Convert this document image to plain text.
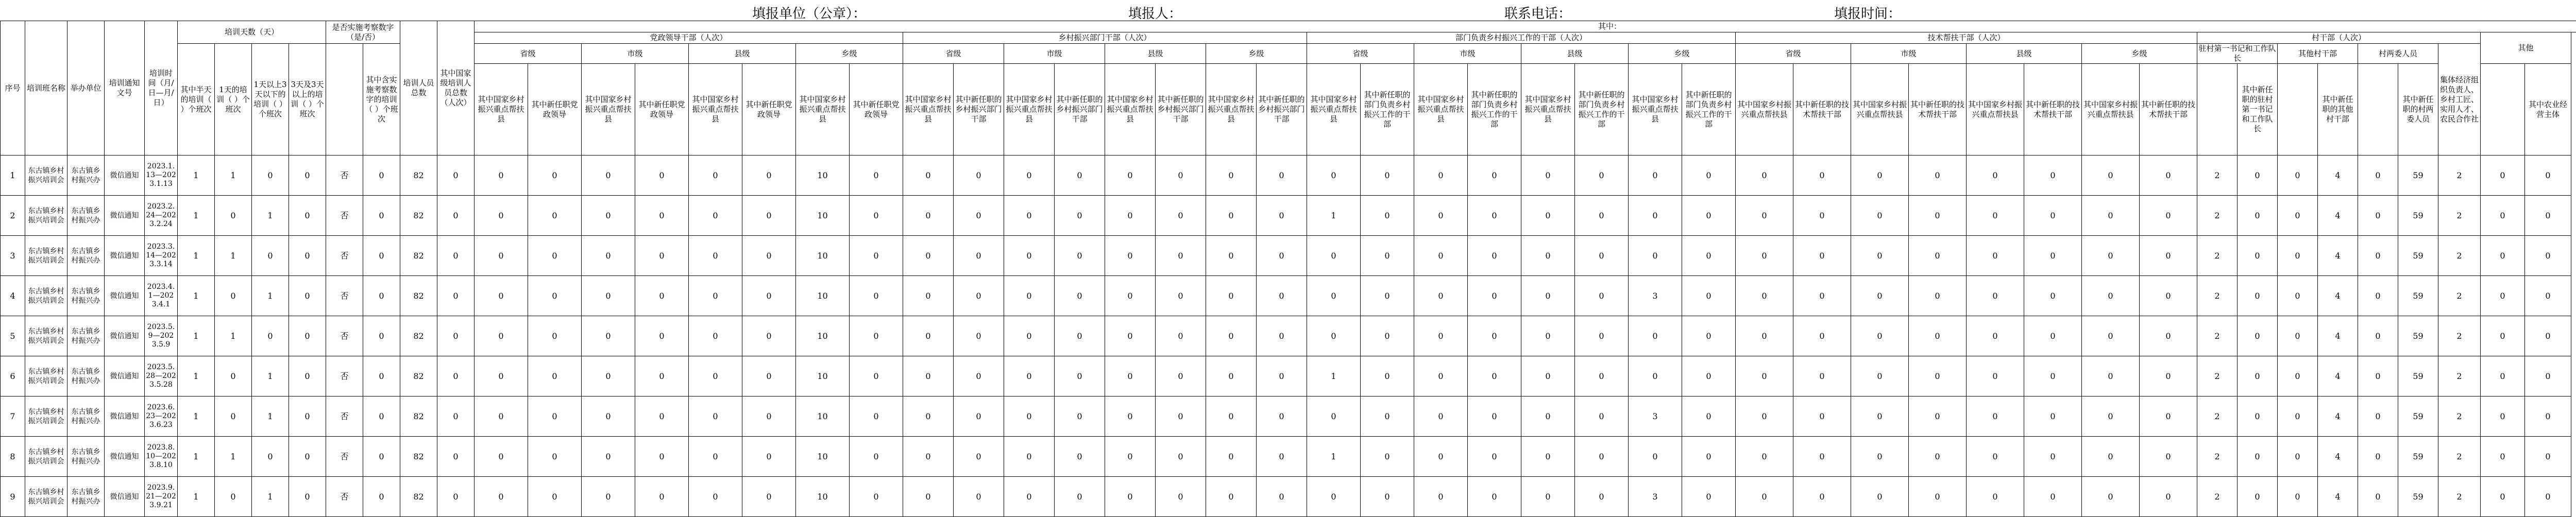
填报单位（公章）：	填报人：	联系电话：	填报时间：
序号	培训班名称	举办单位	培训通知文号	培训时间（月/日—月/日）	培训天数（天）				是否实施考察数字（是/否）		培训人员总数	其中国家级培训人员总数（人次）	其中：																																								
													党政领导干部（人次）								乡村振兴部门干部（人次）								部门负责乡村振兴工作的干部（人次）								技术帮扶干部（人次）								村干部（人次）							其他	
					其中半天的培训（ ）个班次	1天的培训（ ）个班次	1天以上3天以下的培训（ ）个班次	3天及3天以上的培训（ ）个班次		其中含实施考察数字的培训（ ）个班次			省级		市级		县级		乡级		省级		市级		县级		乡级		省级		市级		县级		乡级		省级		市级		县级		乡级		驻村第一书记和工作队长		其他村干部		村两委人员		集体经济组织负责人、乡村工匠、实用人才、农民合作社		
													其中国家乡村振兴重点帮扶县	其中新任职党政领导	其中国家乡村振兴重点帮扶县	其中新任职党政领导	其中国家乡村振兴重点帮扶县	其中新任职党政领导	其中国家乡村振兴重点帮扶县	其中新任职党政领导	其中国家乡村振兴重点帮扶县	其中新任职的乡村振兴部门干部	其中国家乡村振兴重点帮扶县	其中新任职的乡村振兴部门干部	其中国家乡村振兴重点帮扶县	其中新任职的乡村振兴部门干部	其中国家乡村振兴重点帮扶县	其中新任职的乡村振兴部门干部	其中国家乡村振兴重点帮扶县	其中新任职的部门负责乡村振兴工作的干部	其中国家乡村振兴重点帮扶县	其中新任职的部门负责乡村振兴工作的干部	其中国家乡村振兴重点帮扶县	其中新任职的部门负责乡村振兴工作的干部	其中国家乡村振兴重点帮扶县	其中新任职的部门负责乡村振兴工作的干部	其中国家乡村振兴重点帮扶县	其中新任职的技术帮扶干部	其中国家乡村振兴重点帮扶县	其中新任职的技术帮扶干部	其中国家乡村振兴重点帮扶县	其中新任职的技术帮扶干部	其中国家乡村振兴重点帮扶县	其中新任职的技术帮扶干部		其中新任职的驻村第一书记和工作队长		其中新任职的其他村干部		其中新任职的村两委人员			其中农业经营主体
1	东古镇乡村振兴培训会	东古镇乡村振兴办	微信通知	2023.1.13—2023.1.13	1	1	0	0	否	0	82	0	0	0	0	0	0	0	10	0	0	0	0	0	0	0	0	0	0	0	0	0	0	0	0	0	0	0	0	0	0	0	0	0	2	0	0	4	0	59	2	0	0
2	东古镇乡村振兴培训会	东古镇乡村振兴办	微信通知	2023.2.24—2023.2.24	1	0	1	0	否	0	82	0	0	0	0	0	0	0	10	0	0	0	0	0	0	0	0	0	1	0	0	0	0	0	0	0	0	0	0	0	0	0	0	0	2	0	0	4	0	59	2	0	0
3	东古镇乡村振兴培训会	东古镇乡村振兴办	微信通知	2023.3.14—2023.3.14	1	1	0	0	否	0	82	0	0	0	0	0	0	0	10	0	0	0	0	0	0	0	0	0	0	0	0	0	0	0	0	0	0	0	0	0	0	0	0	0	2	0	0	4	0	59	2	0	0
4	东古镇乡村振兴培训会	东古镇乡村振兴办	微信通知	2023.4.1—2023.4.1	1	0	1	0	否	0	82	0	0	0	0	0	0	0	10	0	0	0	0	0	0	0	0	0	0	0	0	0	0	0	3	0	0	0	0	0	0	0	0	0	2	0	0	4	0	59	2	0	0
5	东古镇乡村振兴培训会	东古镇乡村振兴办	微信通知	2023.5.9—2023.5.9	1	1	0	0	否	0	82	0	0	0	0	0	0	0	10	0	0	0	0	0	0	0	0	0	0	0	0	0	0	0	0	0	0	0	0	0	0	0	0	0	2	0	0	4	0	59	2	0	0
6	东古镇乡村振兴培训会	东古镇乡村振兴办	微信通知	2023.5.28—2023.5.28	1	0	1	0	否	0	82	0	0	0	0	0	0	0	10	0	0	0	0	0	0	0	0	0	1	0	0	0	0	0	0	0	0	0	0	0	0	0	0	0	2	0	0	4	0	59	2	0	0
7	东古镇乡村振兴培训会	东古镇乡村振兴办	微信通知	2023.6.23—2023.6.23	1	0	1	0	否	0	82	0	0	0	0	0	0	0	10	0	0	0	0	0	0	0	0	0	0	0	0	0	0	0	3	0	0	0	0	0	0	0	0	0	2	0	0	4	0	59	2	0	0
8	东古镇乡村振兴培训会	东古镇乡村振兴办	微信通知	2023.8.10—2023.8.10	1	1	0	0	否	0	82	0	0	0	0	0	0	0	10	0	0	0	0	0	0	0	0	0	1	0	0	0	0	0	0	0	0	0	0	0	0	0	0	0	2	0	0	4	0	59	2	0	0
9	东古镇乡村振兴培训会	东古镇乡村振兴办	微信通知	2023.9.21—2023.9.21	1	0	1	0	否	0	82	0	0	0	0	0	0	0	10	0	0	0	0	0	0	0	0	0	0	0	0	0	0	0	3	0	0	0	0	0	0	0	0	0	2	0	0	4	0	59	2	0	0
